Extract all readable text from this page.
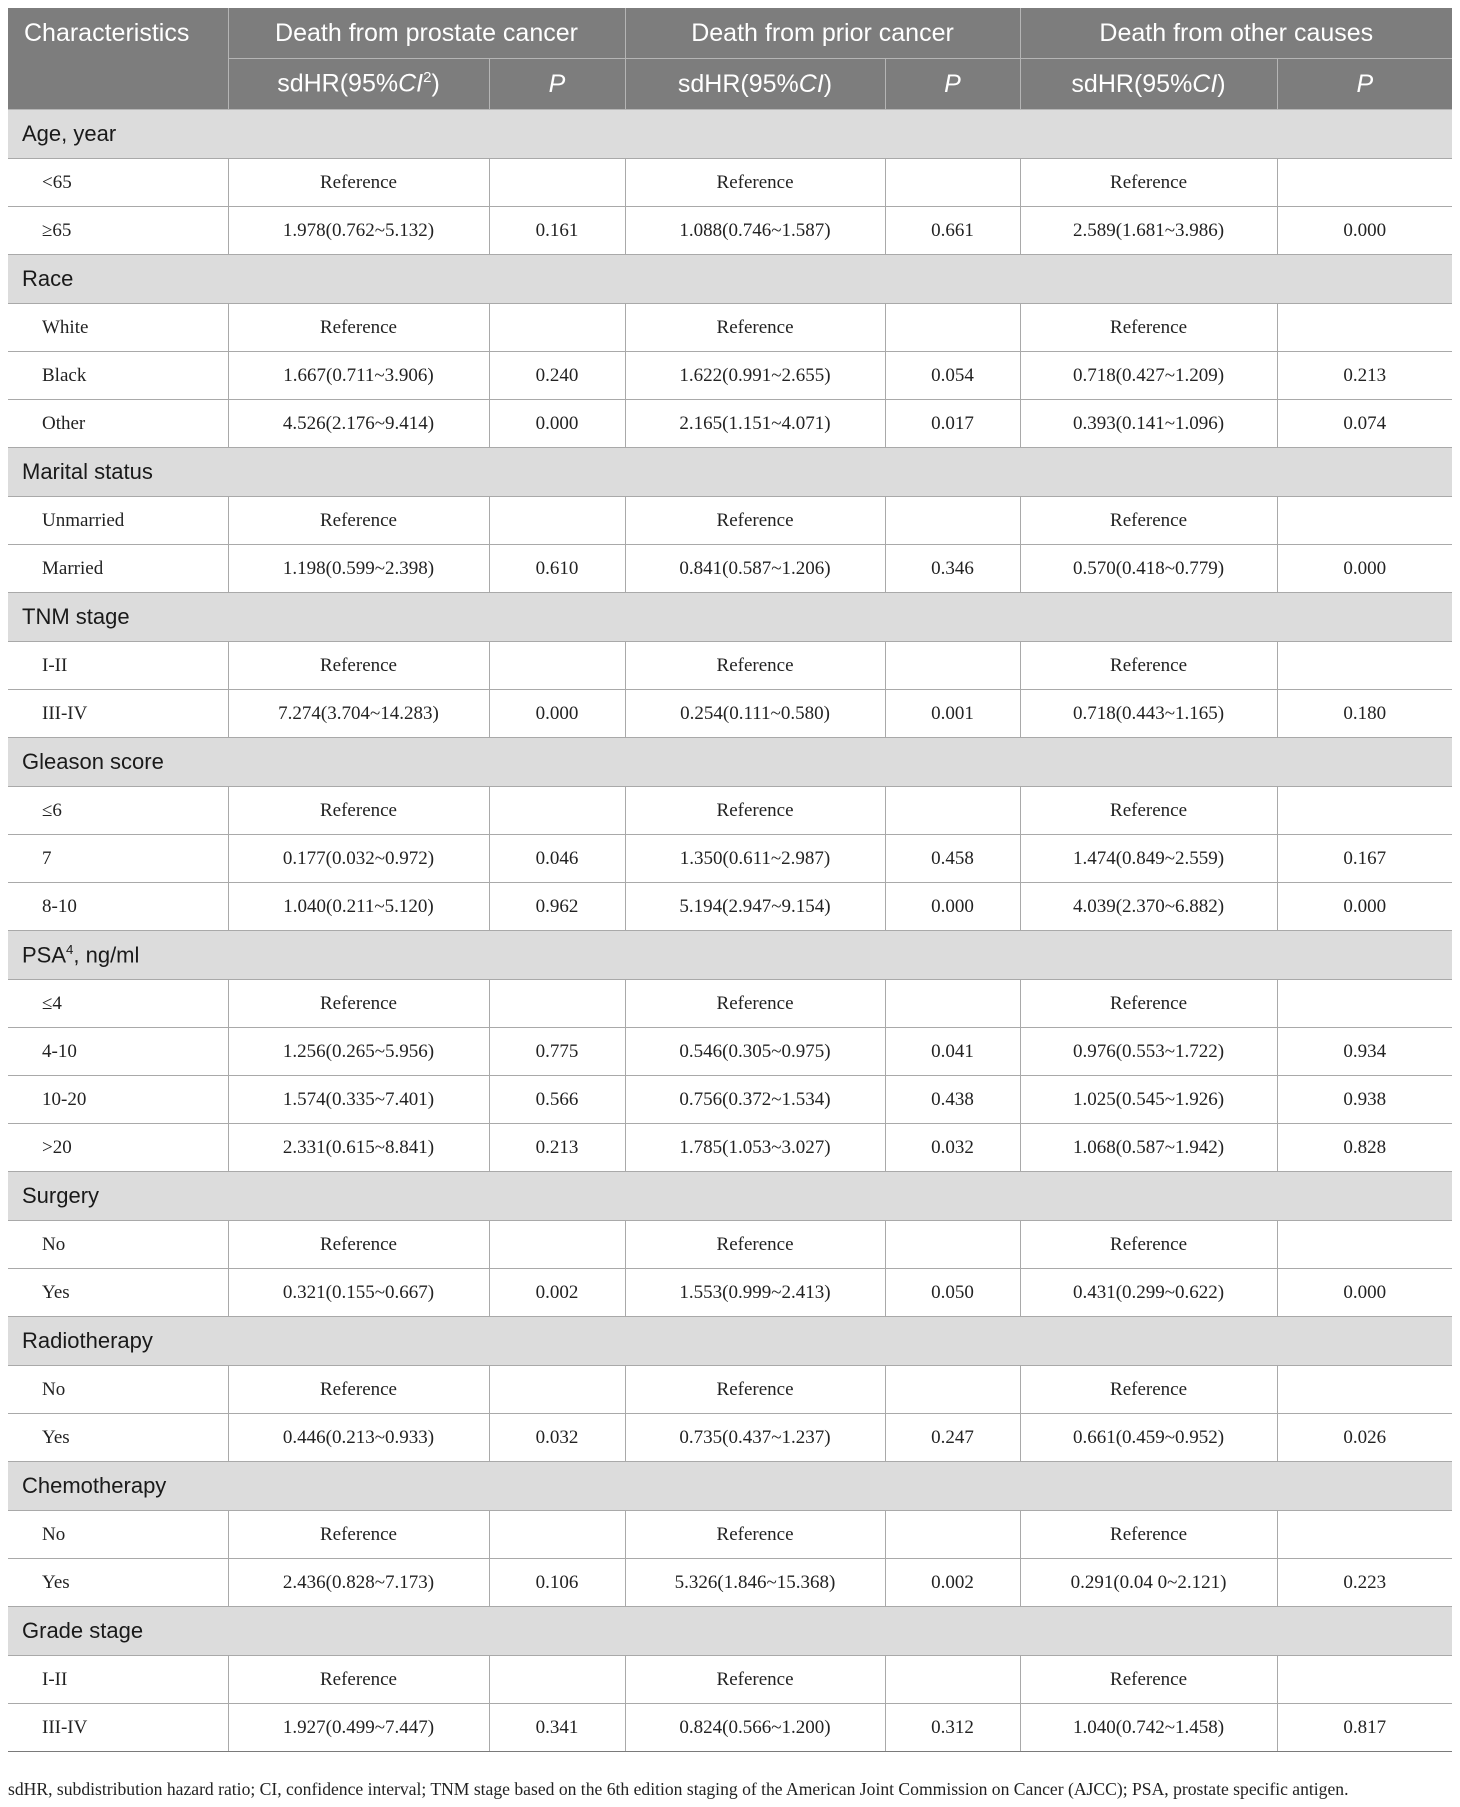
Characteristics	Death from prostate cancer		Death from prior cancer		Death from other causes	
	$sdHR(95\%CI^2)$	P	sdHR(95%CI)	P	sdHR(95%CI)	P
Age, year						
<65	Reference		Reference		Reference	
≥65	1.978(0.762~5.132)	0.161	1.088(0.746~1.587)	0.661	2.589(1.681~3.986)	0.000
Race						
White	Reference		Reference		Reference	
Black	1.667(0.711~3.906)	0.240	1.622(0.991~2.655)	0.054	0.718(0.427~1.209)	0.213
Other	4.526(2.176~9.414)	0.000	2.165(1.151~4.071)	0.017	0.393(0.141~1.096)	0.074
Marital status						
Unmarried	Reference		Reference		Reference	
Married	1.198(0.599~2.398)	0.610	0.841(0.587~1.206)	0.346	0.570(0.418~0.779)	0.000
TNM stage						
I-II	Reference		Reference		Reference	
III-IV	7.274(3.704~14.283)	0.000	0.254(0.111~0.580)	0.001	0.718(0.443~1.165)	0.180
Gleason score						
≤6	Reference		Reference		Reference	
7	0.177(0.032~0.972)	0.046	1.350(0.611~2.987)	0.458	1.474(0.849~2.559)	0.167
8-10	1.040(0.211~5.120)	0.962	5.194(2.947~9.154)	0.000	4.039(2.370~6.882)	0.000
PSA$^4$, ng/ml						
≤4	Reference		Reference		Reference	
4-10	1.256(0.265~5.956)	0.775	0.546(0.305~0.975)	0.041	0.976(0.553~1.722)	0.934
10-20	1.574(0.335~7.401)	0.566	0.756(0.372~1.534)	0.438	1.025(0.545~1.926)	0.938
>20	2.331(0.615~8.841)	0.213	1.785(1.053~3.027)	0.032	1.068(0.587~1.942)	0.828
Surgery						
No	Reference		Reference		Reference	
Yes	0.321(0.155~0.667)	0.002	1.553(0.999~2.413)	0.050	0.431(0.299~0.622)	0.000
Radiotherapy						
No	Reference		Reference		Reference	
Yes	0.446(0.213~0.933)	0.032	0.735(0.437~1.237)	0.247	0.661(0.459~0.952)	0.026
Chemotherapy						
No	Reference		Reference		Reference	
Yes	2.436(0.828~7.173)	0.106	5.326(1.846~15.368)	0.002	0.291(0.04 0~2.121)	0.223
Grade stage						
I-II	Reference		Reference		Reference	
III-IV	1.927(0.499~7.447)	0.341	0.824(0.566~1.200)	0.312	1.040(0.742~1.458)	0.817
sdHR, subdistribution hazard ratio; CI, confidence interval; TNM stage based on the 6th edition staging of the American Joint Commission on Cancer (AJCC); PSA, prostate specific antigen.
